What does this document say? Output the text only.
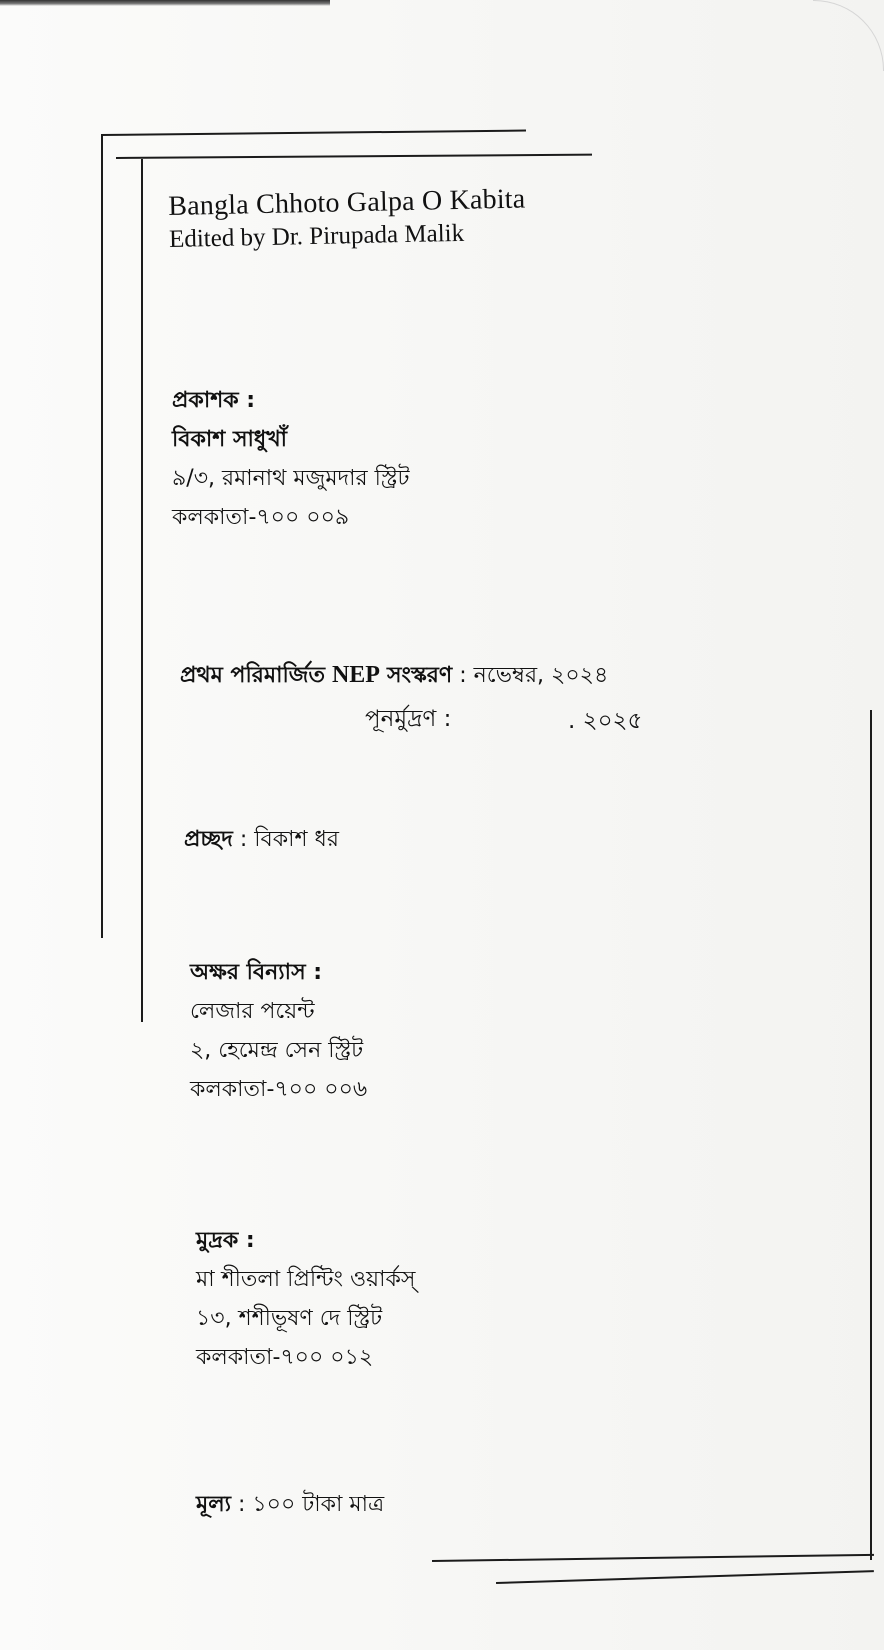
Bangla Chhoto Galpa O Kabita
Edited by Dr. Pirupada Malik
প্রকাশক :
বিকাশ সাধুখাঁ
৯/৩, রমানাথ মজুমদার স্ট্রিট
কলকাতা-৭০০ ০০৯
প্রথম পরিমার্জিত NEP সংস্করণ : নভেম্বর, ২০২৪
পূনর্মুদ্রণ :	. ২০২৫
প্রচ্ছদ : বিকাশ ধর
অক্ষর বিন্যাস :
লেজার পয়েন্ট
২, হেমেন্দ্র সেন স্ট্রিট
কলকাতা-৭০০ ০০৬
মুদ্রক :
মা শীতলা প্রিন্টিং ওয়ার্কস্
১৩, শশীভূষণ দে স্ট্রিট
কলকাতা-৭০০ ০১২
মূল্য : ১০০ টাকা মাত্র
